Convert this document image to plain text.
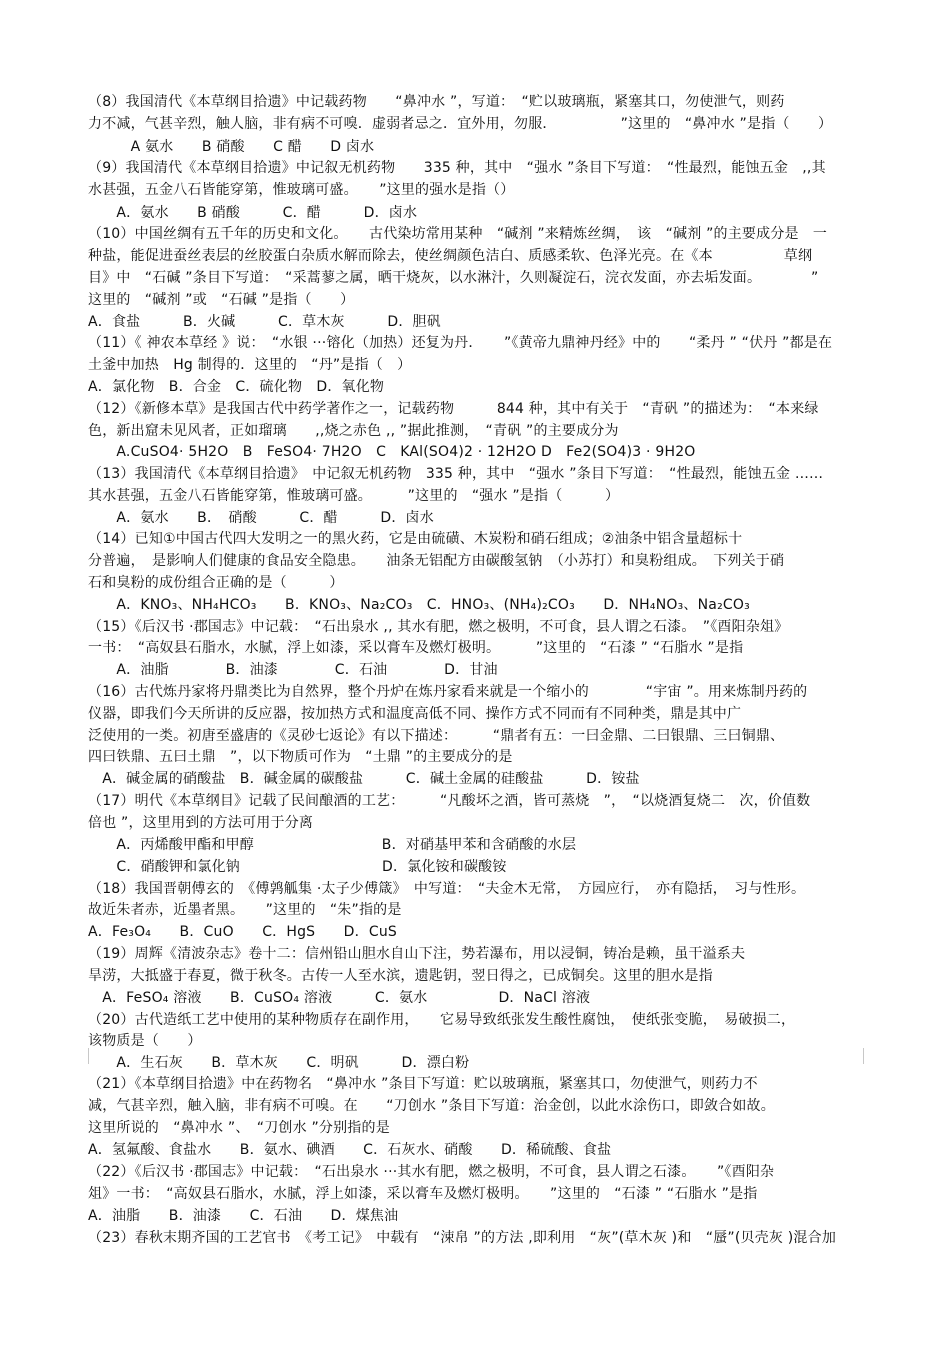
（8）我国清代《本草纲目拾遗》中记载药物　　“鼻冲水 ”，写道：　“贮以玻璃瓶，紧塞其口，勿使泄气，则药
力不减，气甚辛烈，触人脑，非有病不可嗅．虚弱者忌之．宜外用，勿服．　　　　　”这里的　“鼻冲水 ”是指（　　）
　　　A 氨水　　B 硝酸　　C 醋　　D 卤水
（9）我国清代《本草纲目拾遗》中记叙无机药物　　335 种，其中　“强水 ”条目下写道：　“性最烈，能蚀五金　,,其
水甚强，五金八石皆能穿第，惟玻璃可盛。　　”这里的强水是指（）
　　A．氨水　　B 硝酸　　　C．醋　　　D．卤水
（10）中国丝绸有五千年的历史和文化。　　古代染坊常用某种　“碱剂 ”来精炼丝绸，　该　“碱剂 ”的主要成分是　一
种盐，能促进蚕丝表层的丝胶蛋白杂质水解而除去，使丝绸颜色洁白、质感柔软、色泽光亮。在《本　　　　　草纲
目》中　“石碱 ”条目下写道：　“采蒿蓼之属，晒干烧灰，以水淋汁，久则凝淀石，浣衣发面，亦去垢发面。　　　　”
这里的　“碱剂 ”或　“石碱 ”是指（　　）
A．食盐　　　B．火碱　　　C．草木灰　　　D．胆矾
（11）《 神农本草经 》说：　“水银 ···镕化（加热）还复为丹．　　”《黄帝九鼎神丹经》中的　　“柔丹 ” “伏丹 ”都是在
土釜中加热　Hg 制得的．这里的　“丹”是指（　）
A．氯化物　B．合金　C．硫化物　D．氧化物
（12）《新修本草》是我国古代中药学著作之一，记载药物　　　844 种，其中有关于　“青矾 ”的描述为：　“本来绿
色，新出窟未见风者，正如瑠璃　　,,烧之赤色 ,, ”据此推测，　“青矾 ”的主要成分为
　　A.CuSO4· 5H2O　B　FeSO4· 7H2O　C　KAl(SO4)2 · 12H2O D　Fe2(SO4)3 · 9H2O
（13）我国清代《本草纲目拾遗》　中记叙无机药物　335 种，其中　“强水 ”条目下写道：　“性最烈，能蚀五金 ……
其水甚强，五金八石皆能穿第，惟玻璃可盛。　　　”这里的　“强水 ”是指（　　　）
　　A．氨水　　B．　硝酸　　　C．醋　　　D．卤水
（14）已知①中国古代四大发明之一的黑火药，它是由硫磺、木炭粉和硝石组成；②油条中铝含量超标十
分普遍，　是影响人们健康的食品安全隐患。　　油条无铝配方由碳酸氢钠　（小苏打）和臭粉组成。　下列关于硝
石和臭粉的成份组合正确的是（　　　）
　　A．KNO₃、NH₄HCO₃　　B．KNO₃、Na₂CO₃　C．HNO₃、(NH₄)₂CO₃　　D．NH₄NO₃、Na₂CO₃
（15）《后汉书 ·郡国志》中记载：　“石出泉水 ,, 其水有肥，燃之极明，不可食，县人谓之石漆。　”《酉阳杂俎》
一书：　“高奴县石脂水，水腻，浮上如漆，采以膏车及燃灯极明。　　　”这里的　“石漆 ” “石脂水 ”是指
　　A．油脂　　　　B．油漆　　　　C．石油　　　　D．甘油
（16）古代炼丹家将丹鼎类比为自然界，整个丹炉在炼丹家看来就是一个缩小的　　　　“宇宙 ”。用来炼制丹药的
仪器，即我们今天所讲的反应器，按加热方式和温度高低不同、操作方式不同而有不同种类，鼎是其中广
泛使用的一类。初唐至盛唐的《灵砂七返论》有以下描述：　　　“鼎者有五：一曰金鼎、二曰银鼎、三曰铜鼎、
四曰铁鼎、五曰土鼎　”，以下物质可作为　“土鼎 ”的主要成分的是
　A．碱金属的硝酸盐　B．碱金属的碳酸盐　　　C．碱土金属的硅酸盐　　　D．铵盐
（17）明代《本草纲目》记载了民间酿酒的工艺：　　　“凡酸坏之酒，皆可蒸烧　”，　“以烧酒复烧二　次，价值数
倍也 ”，这里用到的方法可用于分离
　　A．丙烯酸甲酯和甲醇　　　　　　　　　B．对硝基甲苯和含硝酸的水层
　　C．硝酸钾和氯化钠　　　　　　　　　　D．氯化铵和碳酸铵
（18）我国晋朝傅玄的　《傅鹑觚集 ·太子少傅箴》　中写道：　“夫金木无常，　方园应行，　亦有隐括，　习与性形。
故近朱者赤，近墨者黑。　　”这里的　“朱”指的是
A．Fe₃O₄　　B．CuO　　C．HgS　　D．CuS
（19）周辉《清波杂志》卷十二：信州铅山胆水自山下注，势若瀑布，用以浸铜，铸冶是赖，虽干溢系夫
旱涝，大抵盛于春夏，微于秋冬。古传一人至水滨，遗匙钥，翌日得之，已成铜矣。这里的胆水是指
　A．FeSO₄ 溶液　　B．CuSO₄ 溶液　　　C．氨水　　　　　D．NaCl 溶液
（20）古代造纸工艺中使用的某种物质存在副作用，　　它易导致纸张发生酸性腐蚀，　使纸张变脆，　易破损二，
该物质是（　　）
　　A．生石灰　　B．草木灰　　C．明矾　　　D．漂白粉
（21）《本草纲目拾遗》中在药物名　“鼻冲水 ”条目下写道：贮以玻璃瓶，紧塞其口，勿使泄气，则药力不
减，气甚辛烈，触入脑，非有病不可嗅。在　　“刀创水 ”条目下写道：治金创，以此水涂伤口，即敛合如故。
这里所说的　“鼻冲水 ”、　“刀创水 ”分别指的是
A．氢氟酸、食盐水　　B．氨水、碘酒　　C．石灰水、硝酸　　D．稀硫酸、食盐
（22）《后汉书 ·郡国志》中记载：　“石出泉水 ···其水有肥，燃之极明，不可食，县人谓之石漆。　　”《酉阳杂
俎》一书：　“高奴县石脂水，水腻，浮上如漆，采以膏车及燃灯极明。　　”这里的　“石漆 ” “石脂水 ”是指
A．油脂　　B．油漆　　C．石油　　D．煤焦油
（23）春秋末期齐国的工艺官书　《考工记》　中载有　“涑帛 ”的方法 ,即利用　“灰”(草木灰 )和　“蜃”(贝壳灰 )混合加
